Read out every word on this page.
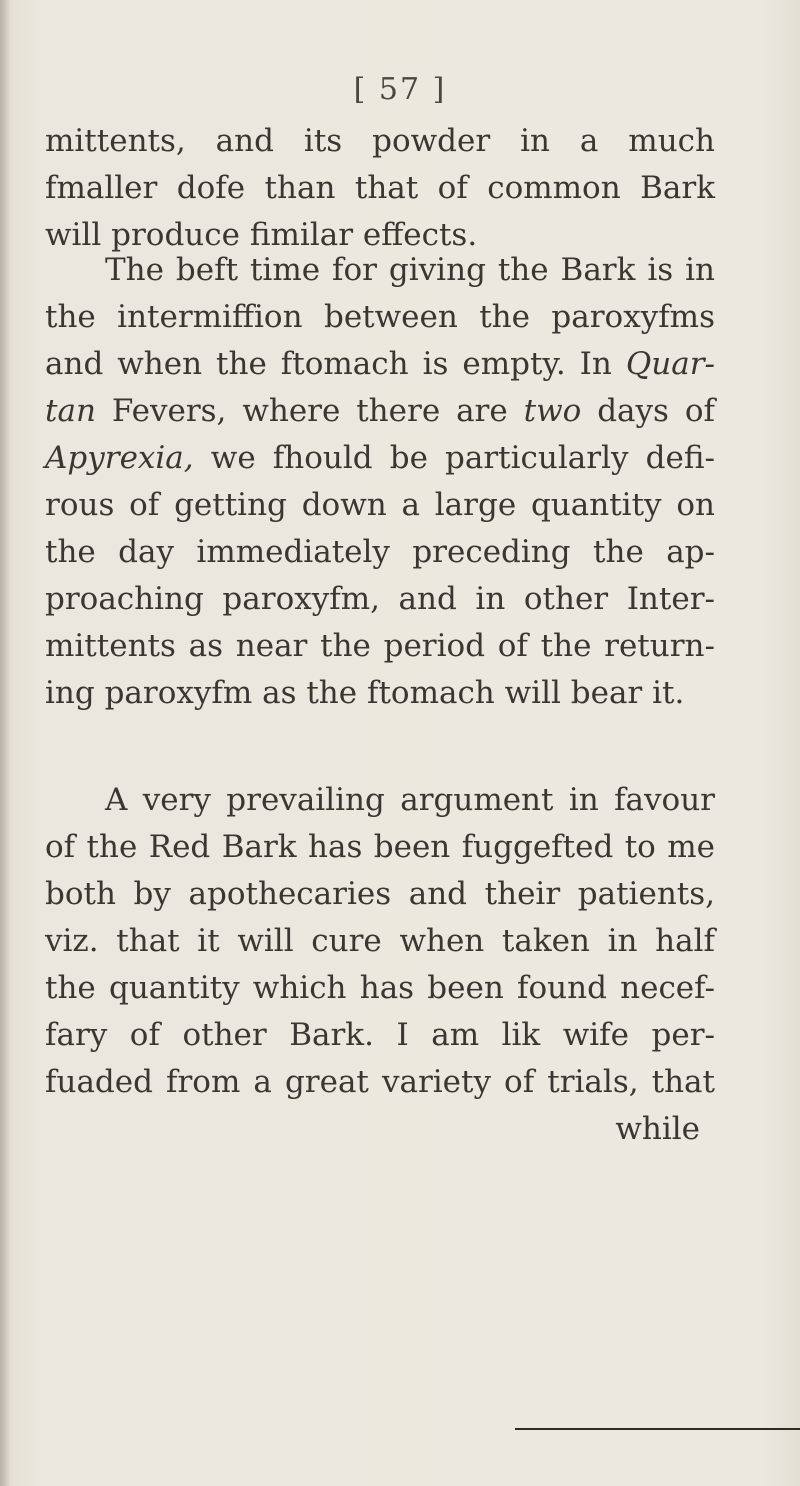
[ 57 ]
mittents, and its powder in a much
fmaller dofe than that of common Bark
will produce fimilar effects.
The beft time for giving the Bark is in
the intermiffion between the paroxyfms
and when the ftomach is empty. In Quar-
tan Fevers, where there are two days of
Apyrexia, we fhould be particularly defi-
rous of getting down a large quantity on
the day immediately preceding the ap-
proaching paroxyfm, and in other Inter-
mittents as near the period of the return-
ing paroxyfm as the ftomach will bear it.
A very prevailing argument in favour
of the Red Bark has been fuggefted to me
both by apothecaries and their patients,
viz. that it will cure when taken in half
the quantity which has been found necef-
fary of other Bark. I am lik wife per-
fuaded from a great variety of trials, that
while
